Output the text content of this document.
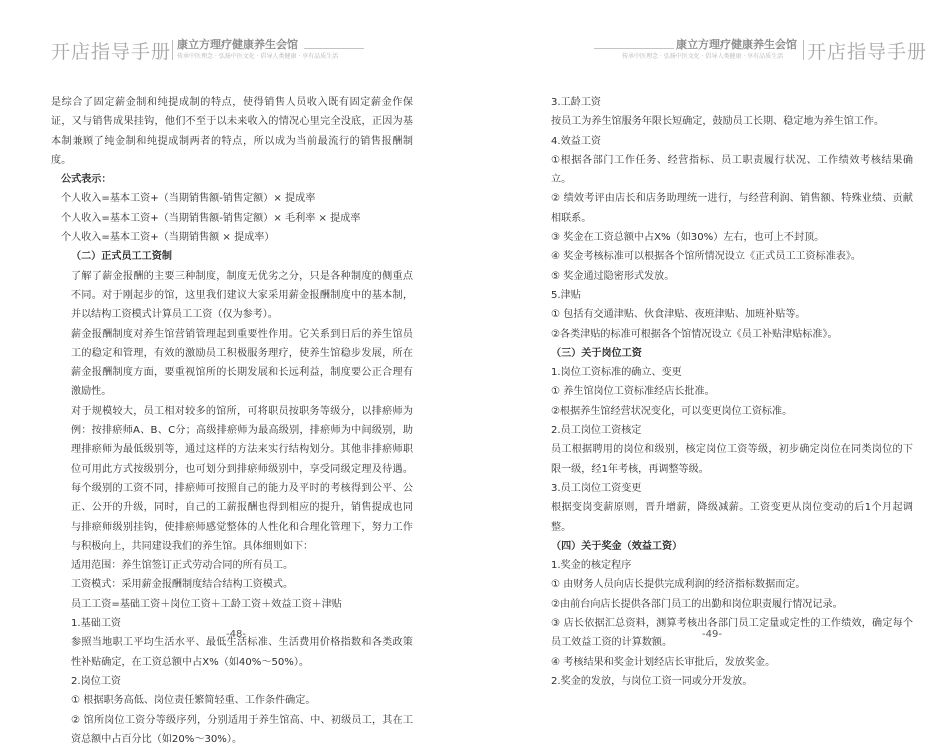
开店指导手册 康立方理疗健康养生会馆
传承中医理念 · 弘扬中医文化 · 倡导人类健康 · 享有品质生活

是综合了固定薪金制和纯提成制的特点，使得销售人员收入既有固定薪金作保证，又与销售成果挂钩，他们不至于以未来收入的情况心里完全没底，正因为基本制兼顾了纯金制和纯提成制两者的特点，所以成为当前最流行的销售报酬制度。

公式表示：

个人收入=基本工资+（当期销售额-销售定额）× 提成率

个人收入=基本工资+（当期销售额-销售定额）× 毛利率 × 提成率

个人收入=基本工资+（当期销售额 × 提成率）

（二）正式员工工资制

了解了薪金报酬的主要三种制度，制度无优劣之分，只是各种制度的侧重点不同。对于刚起步的馆，这里我们建议大家采用薪金报酬制度中的基本制，并以结构工资模式计算员工工资（仅为参考）。

薪金报酬制度对养生馆营销管理起到重要性作用。它关系到日后的养生馆员工的稳定和管理，有效的激励员工积极服务理疗，使养生馆稳步发展，所在薪金报酬制度方面，要重视馆所的长期发展和长远利益，制度要公正合理有激励性。

对于规模较大，员工相对较多的馆所，可将职员按职务等级分，以排瘀师为例：按排瘀师A、B、C分；高级排瘀师为最高级别，排瘀师为中间级别，助理排瘀师为最低级别等，通过这样的方法来实行结构划分。其他非排瘀师职位可用此方式按级别分，也可划分到排瘀师级别中，享受同级定理及待遇。每个级别的工资不同，排瘀师可按照自己的能力及平时的考核得到公平、公正、公开的升级，同时，自己的工薪报酬也得到相应的提升，销售提成也同与排瘀师级别挂钩，使排瘀师感觉整体的人性化和合理化管理下，努力工作与积极向上，共同建设我们的养生馆。具体细则如下：

适用范围：养生馆签订正式劳动合同的所有员工。

工资模式：采用薪金报酬制度结合结构工资模式。

员工工资=基础工资＋岗位工资＋工龄工资＋效益工资＋津贴

1.基础工资

参照当地职工平均生活水平、最低生活标准、生活费用价格指数和各类政策性补贴确定，在工资总额中占X%（如40%～50%）。

2.岗位工资

① 根据职务高低、岗位责任繁简轻重、工作条件确定。

② 馆所岗位工资分等级序列，分别适用于养生馆高、中、初级员工，其在工资总额中占百分比（如20%～30%）。

-48-
康立方理疗健康养生会馆
传承中医理念 · 弘扬中医文化 · 倡导人类健康 · 享有品质生活 开店指导手册

3.工龄工资

按员工为养生馆服务年限长短确定，鼓励员工长期、稳定地为养生馆工作。

4.效益工资

①根据各部门工作任务、经营指标、员工职责履行状况、工作绩效考核结果确立。

② 绩效考评由店长和店务助理统一进行，与经营利润、销售额、特殊业绩、贡献相联系。

③ 奖金在工资总额中占X%（如30%）左右，也可上不封顶。

④ 奖金考核标准可以根据各个馆所情况设立《正式员工工资标准表》。

⑤ 奖金通过隐密形式发放。

5.津贴

① 包括有交通津贴、伙食津贴、夜班津贴、加班补贴等。

②各类津贴的标准可根据各个馆情况设立《员工补贴津贴标准》。

（三）关于岗位工资

1.岗位工资标准的确立、变更

① 养生馆岗位工资标准经店长批准。

②根据养生馆经营状况变化，可以变更岗位工资标准。

2.员工岗位工资核定

员工根据聘用的岗位和级别，核定岗位工资等级，初步确定岗位在同类岗位的下限一级，经1年考核，再调整等级。

3.员工岗位工资变更

根据变岗变薪原则，晋升增薪，降级减薪。工资变更从岗位变动的后1个月起调整。

（四）关于奖金（效益工资）

1.奖金的核定程序

① 由财务人员向店长提供完成利润的经济指标数据而定。

②由前台向店长提供各部门员工的出勤和岗位职责履行情况记录。

③ 店长依据汇总资料，测算考核出各部门员工定量或定性的工作绩效，确定每个员工效益工资的计算数额。

④ 考核结果和奖金计划经店长审批后，发放奖金。

2.奖金的发放，与岗位工资一同或分开发放。

-49-
